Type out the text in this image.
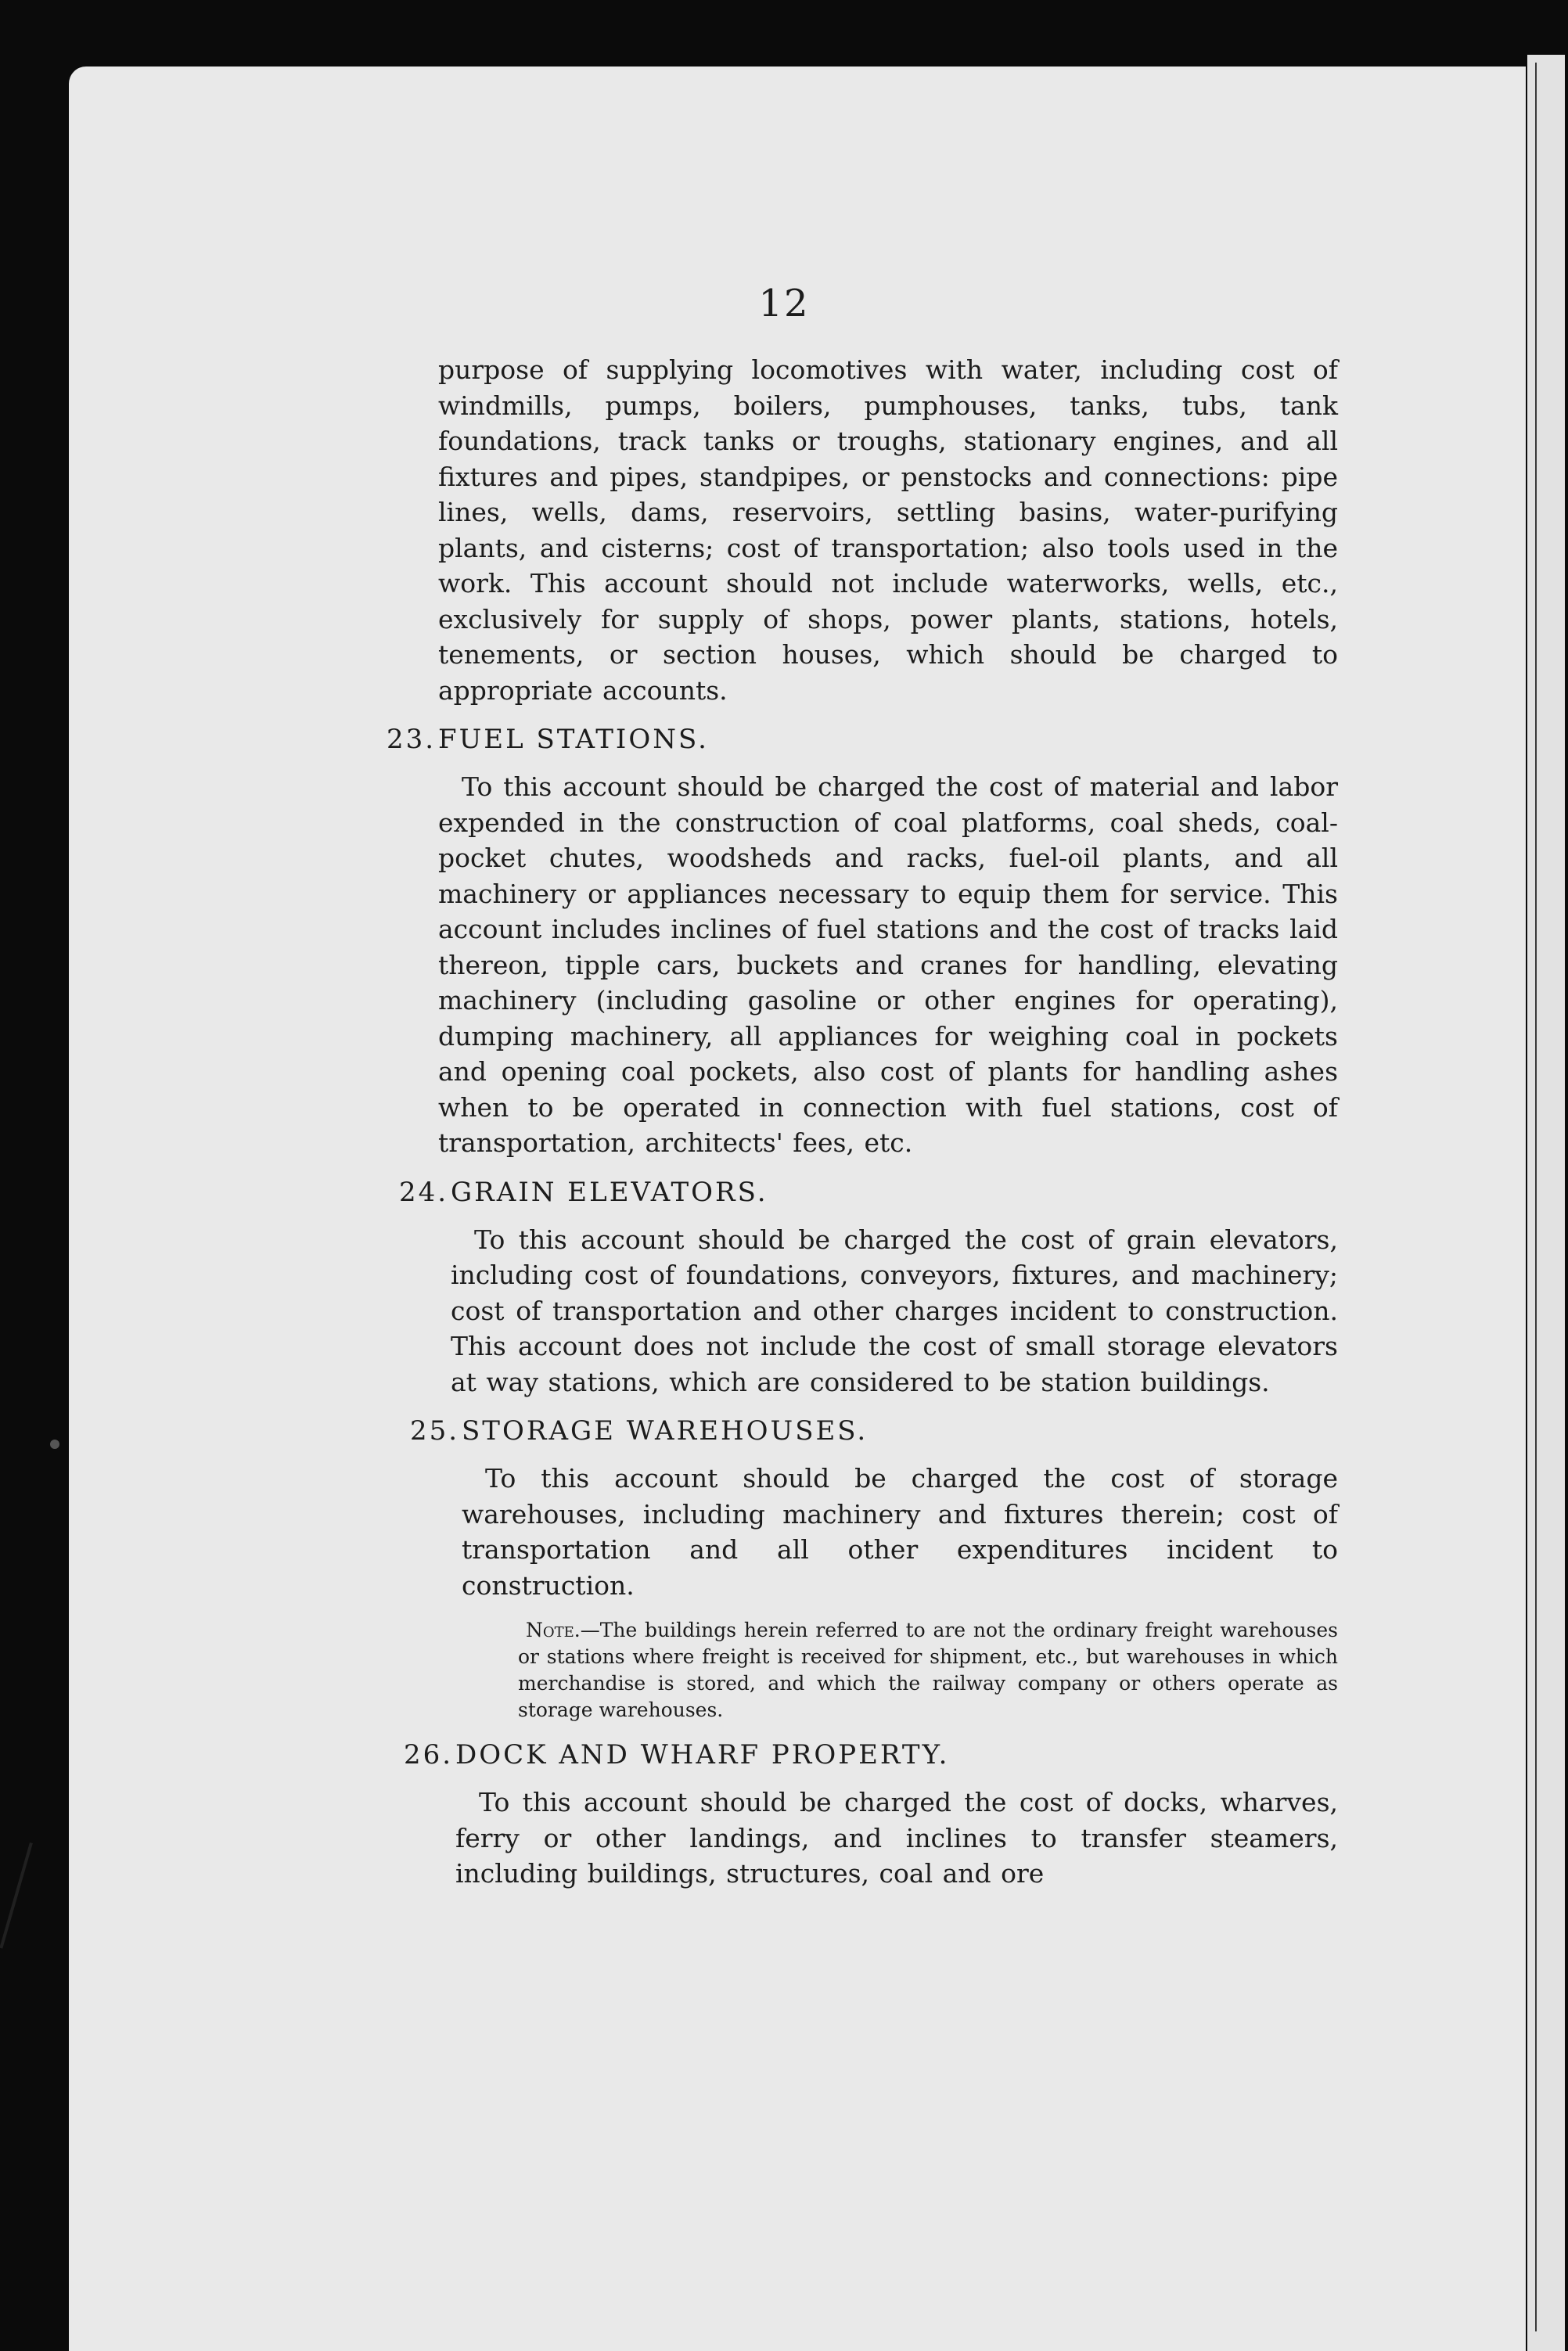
12

purpose of supplying locomotives with water, including cost of windmills, pumps, boilers, pumphouses, tanks, tubs, tank foundations, track tanks or troughs, stationary engines, and all fixtures and pipes, standpipes, or penstocks and connections: pipe lines, wells, dams, reservoirs, settling basins, water-purifying plants, and cisterns; cost of transportation; also tools used in the work. This account should not include waterworks, wells, etc., exclusively for supply of shops, power plants, stations, hotels, tenements, or section houses, which should be charged to appropriate accounts.

23.FUEL STATIONS.

To this account should be charged the cost of material and labor expended in the construction of coal platforms, coal sheds, coal-pocket chutes, woodsheds and racks, fuel-oil plants, and all machinery or appliances necessary to equip them for service. This account includes inclines of fuel stations and the cost of tracks laid thereon, tipple cars, buckets and cranes for handling, elevating machinery (including gasoline or other engines for operating), dumping machinery, all appliances for weighing coal in pockets and opening coal pockets, also cost of plants for handling ashes when to be operated in connection with fuel stations, cost of transportation, architects' fees, etc.

24.GRAIN ELEVATORS.

To this account should be charged the cost of grain elevators, including cost of foundations, conveyors, fixtures, and machinery; cost of transportation and other charges incident to construction. This account does not include the cost of small storage elevators at way stations, which are considered to be station buildings.

25.STORAGE WAREHOUSES.

To this account should be charged the cost of storage warehouses, including machinery and fixtures therein; cost of transportation and all other expenditures incident to construction.

Note.—The buildings herein referred to are not the ordinary freight warehouses or stations where freight is received for shipment, etc., but warehouses in which merchandise is stored, and which the railway company or others operate as storage warehouses.

26.DOCK AND WHARF PROPERTY.

To this account should be charged the cost of docks, wharves, ferry or other landings, and inclines to transfer steamers, including buildings, structures, coal and ore
